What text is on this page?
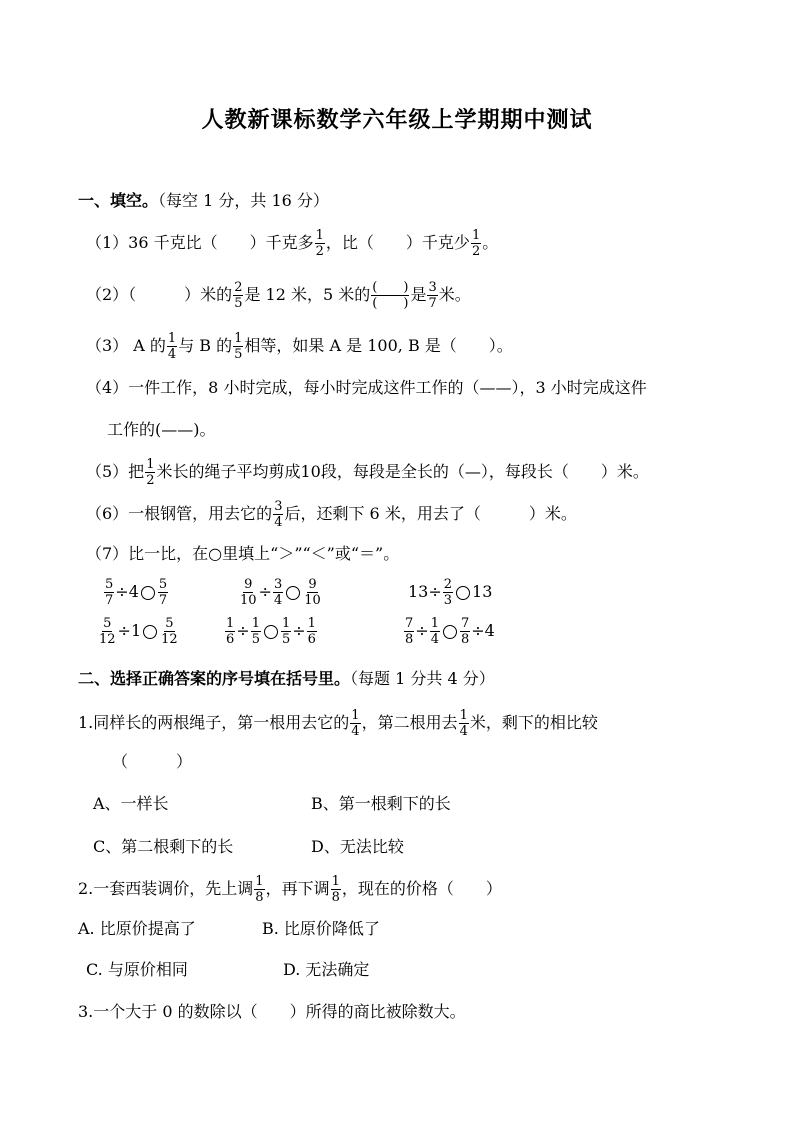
人教新课标数学六年级上学期期中测试
一、填空。（每空 1 分，共 16 分）
（1）36 千克比（　　）千克多 $\frac{1}{2}$ ，比（　　）千克少 $\frac{1}{2}$ 。
（2）（　　　）米的 $\frac{2}{5}$ 是 12 米，5 米的 $\frac{( )}{( )}$ 是 $\frac{3}{7}$ 米。
（3） A 的 $\frac{1}{4}$ 与 B 的 $\frac{1}{5}$ 相等，如果 A 是 100, B 是（　　）。
（4）一件工作，8 小时完成，每小时完成这件工作的（——），3 小时完成这件
工作的(——)。
（5）把 $\frac{1}{2}$ 米长的绳子平均剪成10段，每段是全长的（—），每段长（　　）米。
（6）一根钢管，用去它的 $\frac{3}{4}$ 后，还剩下 6 米，用去了（　　　）米。
（7）比一比，在○里填上“＞”“＜”或“＝”。
$\frac{5}{7} \div 4 \frac{5}{7}$	$\frac{9}{10} \div \frac{3}{4} \frac{9}{10}$	$13\div \frac{2}{3} 13$
$\frac{5}{12} \div 1 \frac{5}{12}$	$\frac{1}{6} \div \frac{1}{5} \frac{1}{5} \div \frac{1}{6}$	$\frac{7}{8} \div \frac{1}{4} \frac{7}{8} \div 4$
二、选择正确答案的序号填在括号里。（每题 1 分共 4 分）
1.同样长的两根绳子，第一根用去它的 $\frac{1}{4}$ ，第二根用去 $\frac{1}{4}$ 米，剩下的相比较
（　　　）
A、一样长	B、第一根剩下的长
C、第二根剩下的长	D、无法比较
2.一套西装调价，先上调 $\frac{1}{8}$ ，再下调 $\frac{1}{8}$ ，现在的价格（　　）
A. 比原价提高了	B. 比原价降低了
C. 与原价相同	D. 无法确定
3.一个大于 0 的数除以（　　）所得的商比被除数大。
